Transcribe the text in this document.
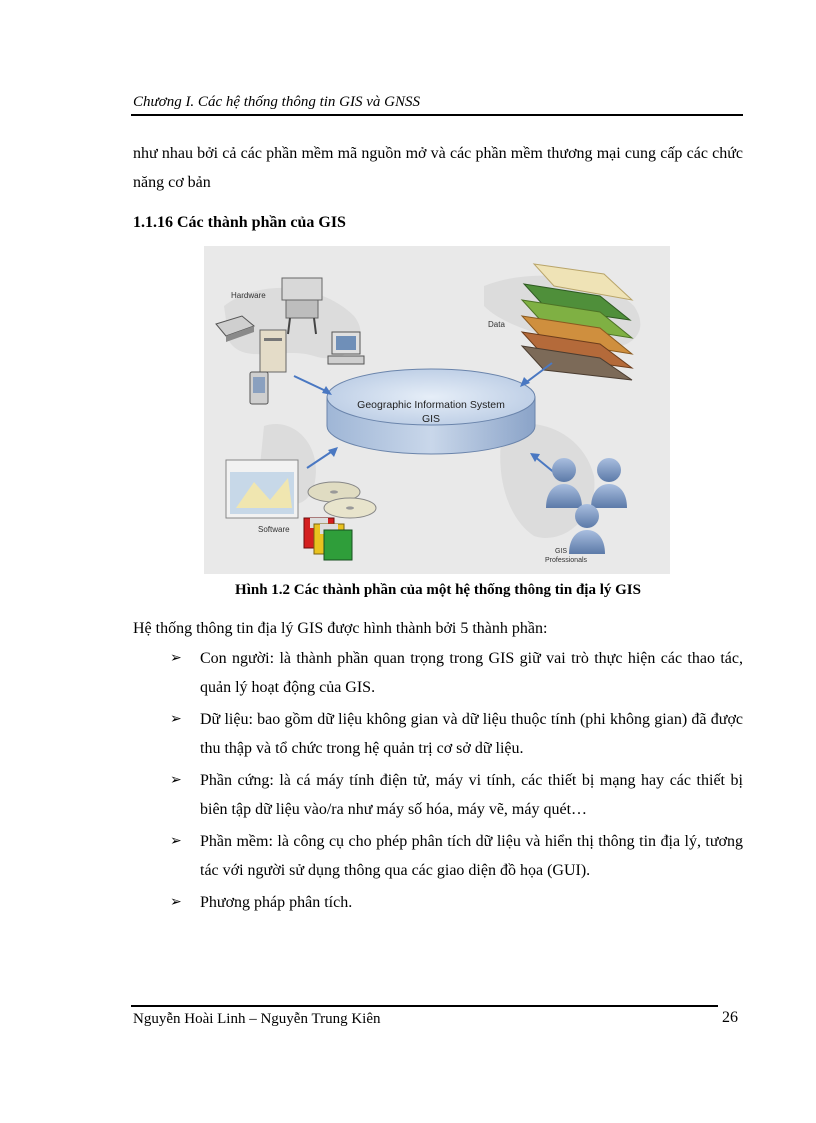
Chương I. Các hệ thống thông tin GIS và GNSS

như nhau bởi cả các phần mềm mã nguồn mở và các phần mềm thương mại cung cấp các chức năng cơ bản

1.1.16 Các thành phần của GIS
Hardware
Data
Geographic Information System
GIS
Software
GIS
Professionals
Hình 1.2 Các thành phần của một hệ thống thông tin địa lý GIS
Hệ thống thông tin địa lý GIS được hình thành bởi 5 thành phần:
➢ Con người: là thành phần quan trọng trong GIS giữ vai trò thực hiện các thao tác, quản lý hoạt động của GIS.
➢ Dữ liệu: bao gồm dữ liệu không gian và dữ liệu thuộc tính (phi không gian) đã được thu thập và tổ chức trong hệ quản trị cơ sở dữ liệu.
➢ Phần cứng: là cá máy tính điện tử, máy vi tính, các thiết bị mạng hay các thiết bị biên tập dữ liệu vào/ra như máy số hóa, máy vẽ, máy quét…
➢ Phần mềm: là công cụ cho phép phân tích dữ liệu và hiển thị thông tin địa lý, tương tác với người sử dụng thông qua các giao diện đồ họa (GUI).
➢ Phương pháp phân tích.
Nguyễn Hoài Linh – Nguyễn Trung Kiên	26
